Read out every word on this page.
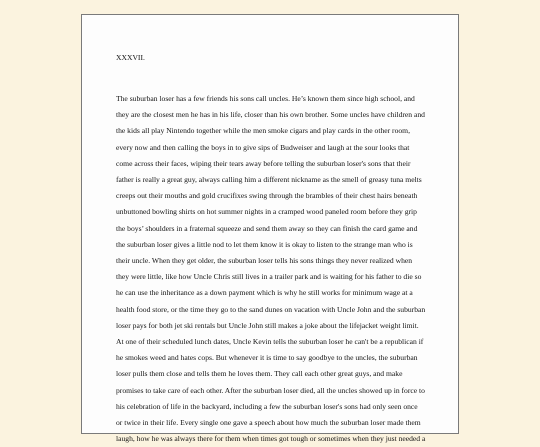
XXXVII.

The suburban loser has a few friends his sons call uncles. He’s known them since high school, and
they are the closest men he has in his life, closer than his own brother. Some uncles have children and
the kids all play Nintendo together while the men smoke cigars and play cards in the other room,
every now and then calling the boys in to give sips of Budweiser and laugh at the sour looks that
come across their faces, wiping their tears away before telling the suburban loser's sons that their
father is really a great guy, always calling him a different nickname as the smell of greasy tuna melts
creeps out their mouths and gold crucifixes swing through the brambles of their chest hairs beneath
unbuttoned bowling shirts on hot summer nights in a cramped wood paneled room before they grip
the boys’ shoulders in a fraternal squeeze and send them away so they can finish the card game and
the suburban loser gives a little nod to let them know it is okay to listen to the strange man who is
their uncle. When they get older, the suburban loser tells his sons things they never realized when
they were little, like how Uncle Chris still lives in a trailer park and is waiting for his father to die so
he can use the inheritance as a down payment which is why he still works for minimum wage at a
health food store, or the time they go to the sand dunes on vacation with Uncle John and the suburban
loser pays for both jet ski rentals but Uncle John still makes a joke about the lifejacket weight limit.
At one of their scheduled lunch dates, Uncle Kevin tells the suburban loser he can't be a republican if
he smokes weed and hates cops. But whenever it is time to say goodbye to the uncles, the suburban
loser pulls them close and tells them he loves them. They call each other great guys, and make
promises to take care of each other. After the suburban loser died, all the uncles showed up in force to
his celebration of life in the backyard, including a few the suburban loser's sons had only seen once
or twice in their life. Every single one gave a speech about how much the suburban loser made them
laugh, how he was always there for them when times got tough or sometimes when they just needed a
